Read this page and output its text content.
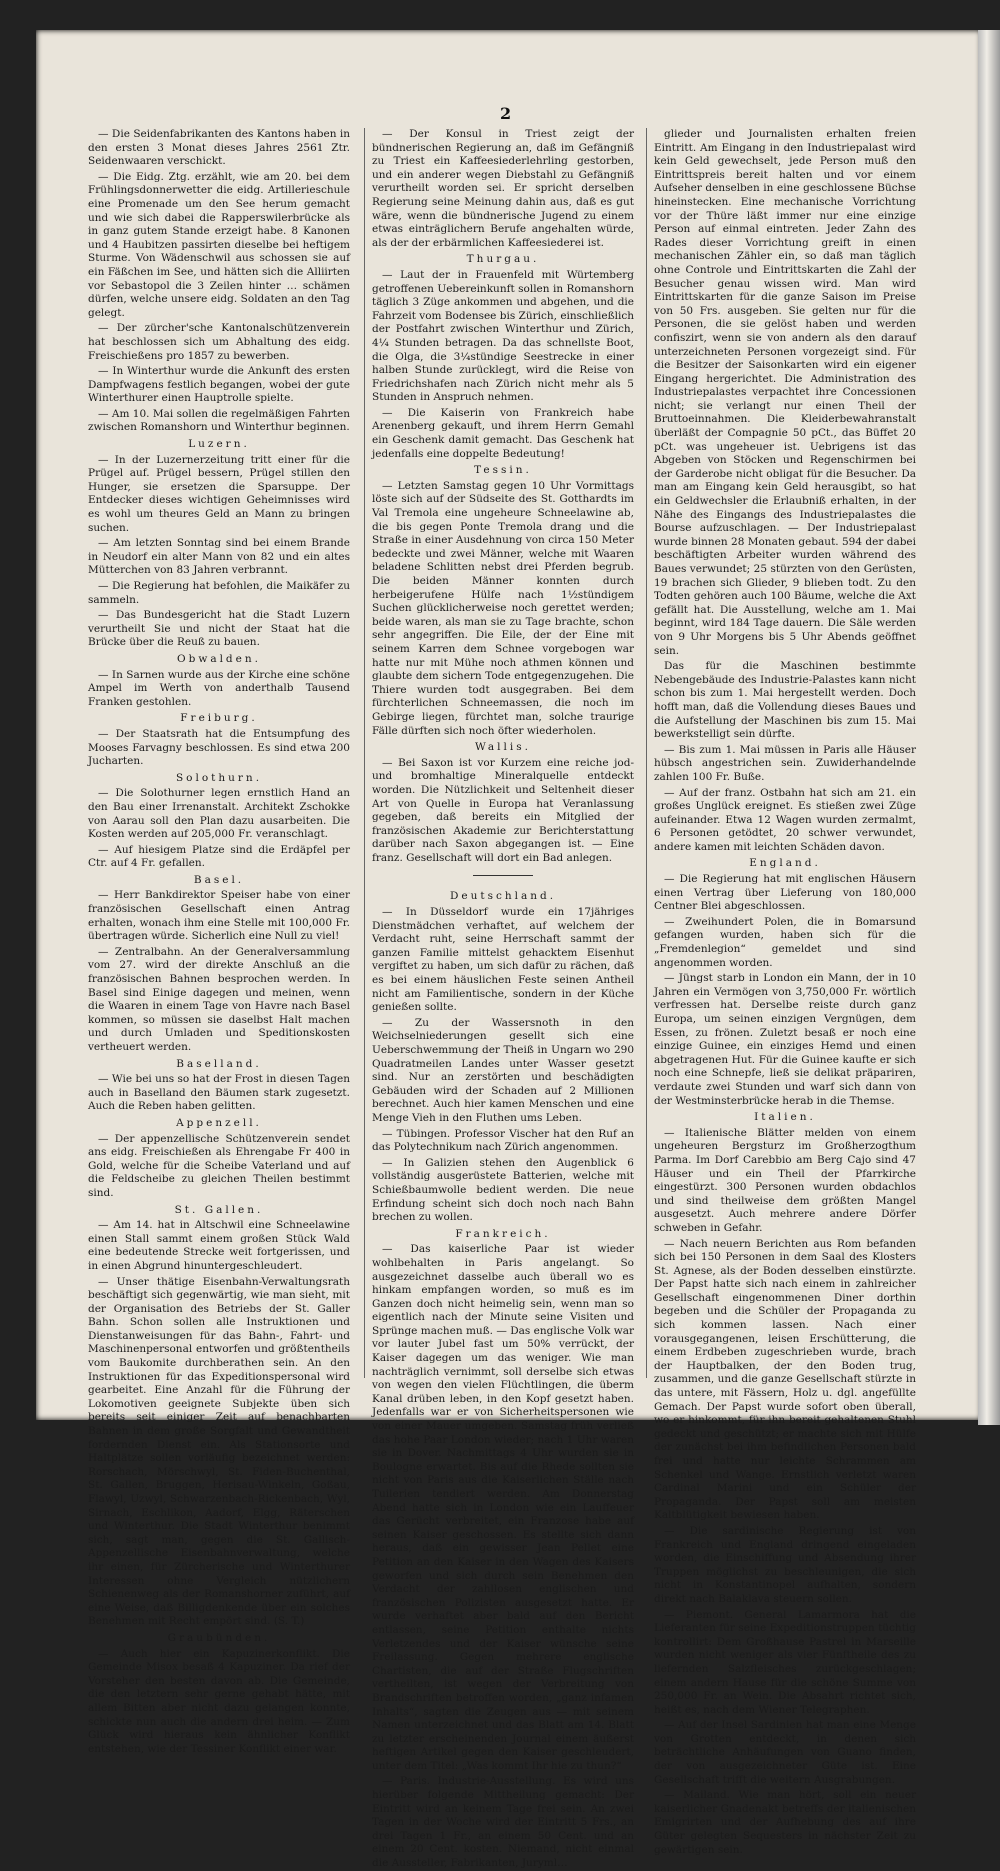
2

— Die Seidenfabrikanten des Kantons haben in den ersten 3 Monat dieses Jahres 2561 Ztr. Seidenwaaren verschickt.

— Die Eidg. Ztg. erzählt, wie am 20. bei dem Frühlingsdonnerwetter die eidg. Artillerieschule eine Promenade um den See herum gemacht und wie sich dabei die Rapperswilerbrücke als in ganz gutem Stande erzeigt habe. 8 Kanonen und 4 Haubitzen passirten dieselbe bei heftigem Sturme. Von Wädenschwil aus schossen sie auf ein Fäßchen im See, und hätten sich die Alliirten vor Sebastopol die 3 Zeilen hinter … schämen dürfen, welche unsere eidg. Soldaten an den Tag gelegt.

— Der zürcher'sche Kantonalschützenverein hat beschlossen sich um Abhaltung des eidg. Freischießens pro 1857 zu bewerben.

— In Winterthur wurde die Ankunft des ersten Dampfwagens festlich begangen, wobei der gute Winterthurer einen Hauptrolle spielte.

— Am 10. Mai sollen die regelmäßigen Fahrten zwischen Romanshorn und Winterthur beginnen.

Luzern.

— In der Luzernerzeitung tritt einer für die Prügel auf. Prügel bessern, Prügel stillen den Hunger, sie ersetzen die Sparsuppe. Der Entdecker dieses wichtigen Geheimnisses wird es wohl um theures Geld an Mann zu bringen suchen.

— Am letzten Sonntag sind bei einem Brande in Neudorf ein alter Mann von 82 und ein altes Mütterchen von 83 Jahren verbrannt.

— Die Regierung hat befohlen, die Maikäfer zu sammeln.

— Das Bundesgericht hat die Stadt Luzern verurtheilt Sie und nicht der Staat hat die Brücke über die Reuß zu bauen.

Obwalden.

— In Sarnen wurde aus der Kirche eine schöne Ampel im Werth von anderthalb Tausend Franken gestohlen.

Freiburg.

— Der Staatsrath hat die Entsumpfung des Mooses Farvagny beschlossen. Es sind etwa 200 Jucharten.

Solothurn.

— Die Solothurner legen ernstlich Hand an den Bau einer Irrenanstalt. Architekt Zschokke von Aarau soll den Plan dazu ausarbeiten. Die Kosten werden auf 205,000 Fr. veranschlagt.

— Auf hiesigem Platze sind die Erdäpfel per Ctr. auf 4 Fr. gefallen.

Basel.

— Herr Bankdirektor Speiser habe von einer französischen Gesellschaft einen Antrag erhalten, wonach ihm eine Stelle mit 100,000 Fr. übertragen würde. Sicherlich eine Null zu viel!

— Zentralbahn. An der Generalversammlung vom 27. wird der direkte Anschluß an die französischen Bahnen besprochen werden. In Basel sind Einige dagegen und meinen, wenn die Waaren in einem Tage von Havre nach Basel kommen, so müssen sie daselbst Halt machen und durch Umladen und Speditionskosten vertheuert werden.

Baselland.

— Wie bei uns so hat der Frost in diesen Tagen auch in Baselland den Bäumen stark zugesetzt. Auch die Reben haben gelitten.

Appenzell.

— Der appenzellische Schützenverein sendet ans eidg. Freischießen als Ehrengabe Fr 400 in Gold, welche für die Scheibe Vaterland und auf die Feldscheibe zu gleichen Theilen bestimmt sind.

St. Gallen.

— Am 14. hat in Altschwil eine Schneelawine einen Stall sammt einem großen Stück Wald eine bedeutende Strecke weit fortgerissen, und in einen Abgrund hinuntergeschleudert.

— Unser thätige Eisenbahn-Verwaltungsrath beschäftigt sich gegenwärtig, wie man sieht, mit der Organisation des Betriebs der St. Galler Bahn. Schon sollen alle Instruktionen und Dienstanweisungen für das Bahn-, Fahrt- und Maschinenpersonal entworfen und größtentheils vom Baukomite durchberathen sein. An den Instruktionen für das Expeditionspersonal wird gearbeitet. Eine Anzahl für die Führung der Lokomotiven geeignete Subjekte üben sich bereits seit einiger Zeit auf benachbarten Bahnen in dem große Sorgfalt und Gewandtheit fordernden Dienst ein. Als Stationsorte und Haltplätze sollen vorläufig bezeichnet werden: Rorschach, Mörschwyl, St. Fiden-Buchenthal, St. Gallen, Bruggen, Herisau-Winkeln, Goßau, Flawyl, Uzwyl, Schwarzenbach-Rickenbach, Wyl, Sirnach, Eschlikon, Aadorf, Elgg, Räterschen und Winterthur. Die Stadt Winterthur benimmt sich, sagt man, gegen die St. Gallisch-Appenzellische Eisenbahnverwaltung, welche ihr einen, für Zürcherische und Winterthurer Interessen ohne Vergleich nützlichern Schienenweg als der Romanshorner zuführt, auf eine Weise, daß Billigdenkende über ein solches Benehmen mit Recht empört sind. (S. T.)

Graubünden.

— Auch hier ein Kapuzinerkonflikt. Die Gemeinde Misox besaß 4 Kapuziner. Da rief der Vorsteher den besten davon ab. Die Gemeinde, die den letztern sehr gerne gehabt hätte, mit allem Bitten aber nicht dazu gelangen konnte, schickte nun auch die andern drei heim. — Zum Glück wird hieraus kein ähnlicher Konflikt entstehen, wie der Tessiner Konflikt einer war.

— Der Konsul in Triest zeigt der bündnerischen Regierung an, daß im Gefängniß zu Triest ein Kaffeesiederlehrling gestorben, und ein anderer wegen Diebstahl zu Gefängniß verurtheilt worden sei. Er spricht derselben Regierung seine Meinung dahin aus, daß es gut wäre, wenn die bündnerische Jugend zu einem etwas einträglichern Berufe angehalten würde, als der der erbärmlichen Kaffeesiederei ist.

Thurgau.

— Laut der in Frauenfeld mit Würtemberg getroffenen Uebereinkunft sollen in Romanshorn täglich 3 Züge ankommen und abgehen, und die Fahrzeit vom Bodensee bis Zürich, einschließlich der Postfahrt zwischen Winterthur und Zürich, 4¼ Stunden betragen. Da das schnellste Boot, die Olga, die 3¼stündige Seestrecke in einer halben Stunde zurücklegt, wird die Reise von Friedrichshafen nach Zürich nicht mehr als 5 Stunden in Anspruch nehmen.

— Die Kaiserin von Frankreich habe Arenenberg gekauft, und ihrem Herrn Gemahl ein Geschenk damit gemacht. Das Geschenk hat jedenfalls eine doppelte Bedeutung!

Tessin.

— Letzten Samstag gegen 10 Uhr Vormittags löste sich auf der Südseite des St. Gotthardts im Val Tremola eine ungeheure Schneelawine ab, die bis gegen Ponte Tremola drang und die Straße in einer Ausdehnung von circa 150 Meter bedeckte und zwei Männer, welche mit Waaren beladene Schlitten nebst drei Pferden begrub. Die beiden Männer konnten durch herbeigerufene Hülfe nach 1½stündigem Suchen glücklicherweise noch gerettet werden; beide waren, als man sie zu Tage brachte, schon sehr angegriffen. Die Eile, der der Eine mit seinem Karren dem Schnee vorgebogen war hatte nur mit Mühe noch athmen können und glaubte dem sichern Tode entgegenzugehen. Die Thiere wurden todt ausgegraben. Bei dem fürchterlichen Schneemassen, die noch im Gebirge liegen, fürchtet man, solche traurige Fälle dürften sich noch öfter wiederholen.

Wallis.

— Bei Saxon ist vor Kurzem eine reiche jod- und bromhaltige Mineralquelle entdeckt worden. Die Nützlichkeit und Seltenheit dieser Art von Quelle in Europa hat Veranlassung gegeben, daß bereits ein Mitglied der französischen Akademie zur Berichterstattung darüber nach Saxon abgegangen ist. — Eine franz. Gesellschaft will dort ein Bad anlegen.

Deutschland.

— In Düsseldorf wurde ein 17jähriges Dienstmädchen verhaftet, auf welchem der Verdacht ruht, seine Herrschaft sammt der ganzen Familie mittelst gehacktem Eisenhut vergiftet zu haben, um sich dafür zu rächen, daß es bei einem häuslichen Feste seinen Antheil nicht am Familientische, sondern in der Küche genießen sollte.

— Zu der Wassersnoth in den Weichselniederungen gesellt sich eine Ueberschwemmung der Theiß in Ungarn wo 290 Quadratmeilen Landes unter Wasser gesetzt sind. Nur an zerstörten und beschädigten Gebäuden wird der Schaden auf 2 Millionen berechnet. Auch hier kamen Menschen und eine Menge Vieh in den Fluthen ums Leben.

— Tübingen. Professor Vischer hat den Ruf an das Polytechnikum nach Zürich angenommen.

— In Galizien stehen den Augenblick 6 vollständig ausgerüstete Batterien, welche mit Schießbaumwolle bedient werden. Die neue Erfindung scheint sich doch noch nach Bahn brechen zu wollen.

Frankreich.

— Das kaiserliche Paar ist wieder wohlbehalten in Paris angelangt. So ausgezeichnet dasselbe auch überall wo es hinkam empfangen worden, so muß es im Ganzen doch nicht heimelig sein, wenn man so eigentlich nach der Minute seine Visiten und Sprünge machen muß. — Das englische Volk war vor lauter Jubel fast um 50% verrückt, der Kaiser dagegen um das weniger. Wie man nachträglich vernimmt, soll derselbe sich etwas von wegen den vielen Flüchtlingen, die überm Kanal drüben leben, in den Kopf gesetzt haben. Jedenfalls war er von Sicherheitspersonen wie von einer Mauer umgeben. Samstag früh verließ das hohe Paar London wieder; nach 1 Uhr waren sie in Dover. Nachmittags 4 Uhr wurden sie in Boulogne erwartet. Bis auf die Rhede sollten sie nicht von Paris aus die Kaiserlichen Ställe nach Tuilerien tendiert werden. Am Donnerstag Abend hatte sich in London wie ein Lauffeuer das Gerücht verbreitet, ein Franzose habe auf seinen Kaiser geschossen. Es stellte sich dann heraus, daß ein gewisser Jean Pellet eine Petition an den Kaiser in den Wagen des Kaisers geworfen und sich durch sein Benehmen den Verdacht der zahllosen englischen und französischen Polizisten ausgesetzt hatte. Er wurde verhaftet aber bald auf den Bericht entlassen, seine Petition enthalte nichts Verletzendes und der Kaiser wünsche seine Freilassung. Gegen mehrere englische Chartisten, die auf der Straße Flugschriften vertheilten, ist wegen der Verbreitung von Brandschriften betroffen worden, „ganz infamen Inhalts“, sagten die Zeugen aus — mit seinem Namen unterzeichnet und das Blatt am 14. Blatt zu letzter erscheinenden Journal einem äußerst heftigen Artikel gegen den Kaiser geschleudert, unter dem Titel: „Was kommt Ihr hie zu thun?“

— Paris. Industrie-Ausstellung. Es wird uns hierüber folgende Mittheilung gemacht: Der Eintritt wird an keinem Tage frei sein. An zwei Tagen in der Woche wird der Eintritt 5 Frs., an drei Tagen 1 Fr., an einem 50 Cent. und an einem 20 Cent. kosten. Niemand, nicht einmal die Aussteller, Fabrikanten, Juryml…

glieder und Journalisten erhalten freien Eintritt. Am Eingang in den Industriepalast wird kein Geld gewechselt, jede Person muß den Eintrittspreis bereit halten und vor einem Aufseher denselben in eine geschlossene Büchse hineinstecken. Eine mechanische Vorrichtung vor der Thüre läßt immer nur eine einzige Person auf einmal eintreten. Jeder Zahn des Rades dieser Vorrichtung greift in einen mechanischen Zähler ein, so daß man täglich ohne Controle und Eintrittskarten die Zahl der Besucher genau wissen wird. Man wird Eintrittskarten für die ganze Saison im Preise von 50 Frs. ausgeben. Sie gelten nur für die Personen, die sie gelöst haben und werden confiszirt, wenn sie von andern als den darauf unterzeichneten Personen vorgezeigt sind. Für die Besitzer der Saisonkarten wird ein eigener Eingang hergerichtet. Die Administration des Industriepalastes verpachtet ihre Concessionen nicht; sie verlangt nur einen Theil der Bruttoeinnahmen. Die Kleiderbewahranstalt überläßt der Compagnie 50 pCt., das Büffet 20 pCt. was ungeheuer ist. Uebrigens ist das Abgeben von Stöcken und Regenschirmen bei der Garderobe nicht obligat für die Besucher. Da man am Eingang kein Geld herausgibt, so hat ein Geldwechsler die Erlaubniß erhalten, in der Nähe des Eingangs des Industriepalastes die Bourse aufzuschlagen. — Der Industriepalast wurde binnen 28 Monaten gebaut. 594 der dabei beschäftigten Arbeiter wurden während des Baues verwundet; 25 stürzten von den Gerüsten, 19 brachen sich Glieder, 9 blieben todt. Zu den Todten gehören auch 100 Bäume, welche die Axt gefällt hat. Die Ausstellung, welche am 1. Mai beginnt, wird 184 Tage dauern. Die Säle werden von 9 Uhr Morgens bis 5 Uhr Abends geöffnet sein.

Das für die Maschinen bestimmte Nebengebäude des Industrie-Palastes kann nicht schon bis zum 1. Mai hergestellt werden. Doch hofft man, daß die Vollendung dieses Baues und die Aufstellung der Maschinen bis zum 15. Mai bewerkstelligt sein dürfte.

— Bis zum 1. Mai müssen in Paris alle Häuser hübsch angestrichen sein. Zuwiderhandelnde zahlen 100 Fr. Buße.

— Auf der franz. Ostbahn hat sich am 21. ein großes Unglück ereignet. Es stießen zwei Züge aufeinander. Etwa 12 Wagen wurden zermalmt, 6 Personen getödtet, 20 schwer verwundet, andere kamen mit leichten Schäden davon.

England.

— Die Regierung hat mit englischen Häusern einen Vertrag über Lieferung von 180,000 Centner Blei abgeschlossen.

— Zweihundert Polen, die in Bomarsund gefangen wurden, haben sich für die „Fremdenlegion“ gemeldet und sind angenommen worden.

— Jüngst starb in London ein Mann, der in 10 Jahren ein Vermögen von 3,750,000 Fr. wörtlich verfressen hat. Derselbe reiste durch ganz Europa, um seinen einzigen Vergnügen, dem Essen, zu frönen. Zuletzt besaß er noch eine einzige Guinee, ein einziges Hemd und einen abgetragenen Hut. Für die Guinee kaufte er sich noch eine Schnepfe, ließ sie delikat präpariren, verdaute zwei Stunden und warf sich dann von der Westminsterbrücke herab in die Themse.

Italien.

— Italienische Blätter melden von einem ungeheuren Bergsturz im Großherzogthum Parma. Im Dorf Carebbio am Berg Cajo sind 47 Häuser und ein Theil der Pfarrkirche eingestürzt. 300 Personen wurden obdachlos und sind theilweise dem größten Mangel ausgesetzt. Auch mehrere andere Dörfer schweben in Gefahr.

— Nach neuern Berichten aus Rom befanden sich bei 150 Personen in dem Saal des Klosters St. Agnese, als der Boden desselben einstürzte. Der Papst hatte sich nach einem in zahlreicher Gesellschaft eingenommenen Diner dorthin begeben und die Schüler der Propaganda zu sich kommen lassen. Nach einer vorausgegangenen, leisen Erschütterung, die einem Erdbeben zugeschrieben wurde, brach der Hauptbalken, der den Boden trug, zusammen, und die ganze Gesellschaft stürzte in das untere, mit Fässern, Holz u. dgl. angefüllte Gemach. Der Papst wurde sofort oben überall, wo er hinkommt, für ihn bereit gehaltenen Stuhl gedeckt und geschützt; er machte sich mit Hülfe der zunächst bei ihm befindlichen Personen bald frei und hatte nur leichte Schrammen am Schenkel und Wange. Ernstlich verletzt waren Cardinal Marini und ein Schüler der Propaganda. Der Papst soll am meisten Kaltblütigkeit bewiesen haben.

— Die sardinische Regierung ist von Frankreich und England dringend eingeladen worden, die Einschiffung und Absendung ihrer Truppen möglichst zu beschleunigen, die sich nicht in Konstantinopel aufhalten, sondern direkt nach Balaklava steuern sollen.

— Piemont. General Lamarmora hat die Lieferanten für seine Expeditionstruppen tüchtig kontrollirt: Dem Großhause Pastrel in Marseille wurden nicht weniger als vier Fünftheile des zu liefernden Salzfleisches zurückgeschlagen; einem andern Hause für die schöne Summe von 250,000 Fr. an Wein. Die Absahrt richtet sich, heißt es, nach dem Wiener Telegraphen.

— Auf der Insel Sardinien hat man eine Menge von Grotten entdeckt, in denen sich beträchtliche Anhäufungen von Guano finden, der von ausgezeichneter Güte ist. Eine Gesellschaft trifft die weitern Ausgrabungen.

— Mailand. Wie man hört, soll ein neuer kaiserlicher Gnadenakt betreffs der italienischen Emigrirten und der Aufhebung des auf ihre Güter gelegten Sequesters in nächster Zeit zu gewärtigen sein.
